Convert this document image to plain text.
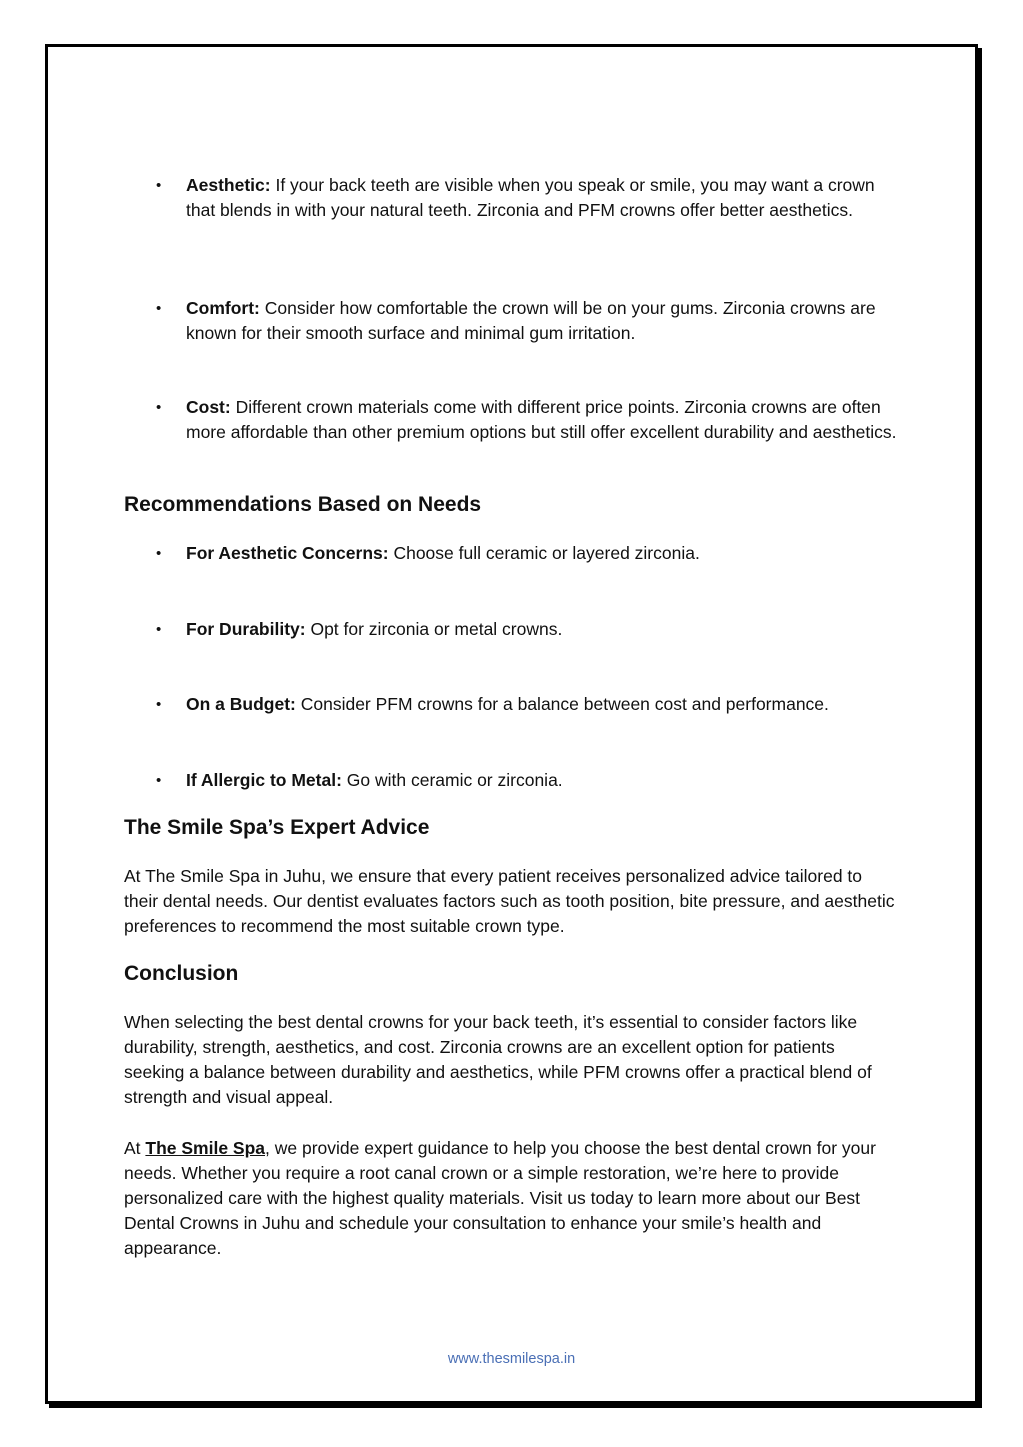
• Aesthetic: If your back teeth are visible when you speak or smile, you may want a crown that blends in with your natural teeth. Zirconia and PFM crowns offer better aesthetics.
• Comfort: Consider how comfortable the crown will be on your gums. Zirconia crowns are known for their smooth surface and minimal gum irritation.
• Cost: Different crown materials come with different price points. Zirconia crowns are often more affordable than other premium options but still offer excellent durability and aesthetics.
Recommendations Based on Needs
• For Aesthetic Concerns: Choose full ceramic or layered zirconia.
• For Durability: Opt for zirconia or metal crowns.
• On a Budget: Consider PFM crowns for a balance between cost and performance.
• If Allergic to Metal: Go with ceramic or zirconia.
The Smile Spa’s Expert Advice
At The Smile Spa in Juhu, we ensure that every patient receives personalized advice tailored to their dental needs. Our dentist evaluates factors such as tooth position, bite pressure, and aesthetic preferences to recommend the most suitable crown type.
Conclusion
When selecting the best dental crowns for your back teeth, it’s essential to consider factors like durability, strength, aesthetics, and cost. Zirconia crowns are an excellent option for patients seeking a balance between durability and aesthetics, while PFM crowns offer a practical blend of strength and visual appeal.
At The Smile Spa, we provide expert guidance to help you choose the best dental crown for your needs. Whether you require a root canal crown or a simple restoration, we’re here to provide personalized care with the highest quality materials. Visit us today to learn more about our Best Dental Crowns in Juhu and schedule your consultation to enhance your smile’s health and appearance.
www.thesmilespa.in
